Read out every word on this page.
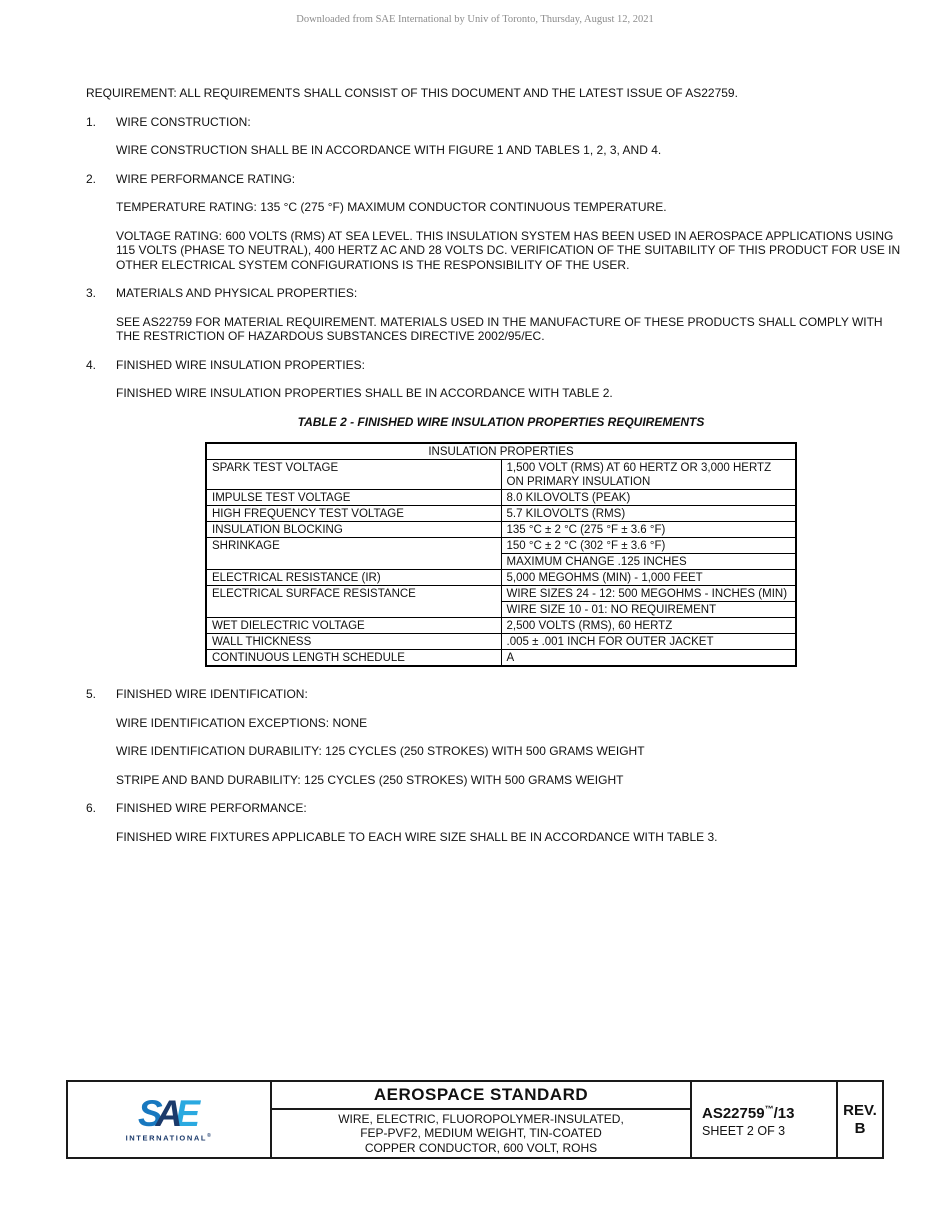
Downloaded from SAE International by Univ of Toronto, Thursday, August 12, 2021

REQUIREMENT: ALL REQUIREMENTS SHALL CONSIST OF THIS DOCUMENT AND THE LATEST ISSUE OF AS22759.

1.	WIRE CONSTRUCTION:

WIRE CONSTRUCTION SHALL BE IN ACCORDANCE WITH FIGURE 1 AND TABLES 1, 2, 3, AND 4.

2.	WIRE PERFORMANCE RATING:

TEMPERATURE RATING: 135 °C (275 °F) MAXIMUM CONDUCTOR CONTINUOUS TEMPERATURE.

VOLTAGE RATING: 600 VOLTS (RMS) AT SEA LEVEL. THIS INSULATION SYSTEM HAS BEEN USED IN AEROSPACE APPLICATIONS USING 115 VOLTS (PHASE TO NEUTRAL), 400 HERTZ AC AND 28 VOLTS DC. VERIFICATION OF THE SUITABILITY OF THIS PRODUCT FOR USE IN OTHER ELECTRICAL SYSTEM CONFIGURATIONS IS THE RESPONSIBILITY OF THE USER.

3.	MATERIALS AND PHYSICAL PROPERTIES:

SEE AS22759 FOR MATERIAL REQUIREMENT. MATERIALS USED IN THE MANUFACTURE OF THESE PRODUCTS SHALL COMPLY WITH THE RESTRICTION OF HAZARDOUS SUBSTANCES DIRECTIVE 2002/95/EC.

4.	FINISHED WIRE INSULATION PROPERTIES:

FINISHED WIRE INSULATION PROPERTIES SHALL BE IN ACCORDANCE WITH TABLE 2.

TABLE 2 - FINISHED WIRE INSULATION PROPERTIES REQUIREMENTS
INSULATION PROPERTIES	
SPARK TEST VOLTAGE	1,500 VOLT (RMS) AT 60 HERTZ OR 3,000 HERTZ ON PRIMARY INSULATION
IMPULSE TEST VOLTAGE	8.0 KILOVOLTS (PEAK)
HIGH FREQUENCY TEST VOLTAGE	5.7 KILOVOLTS (RMS)
INSULATION BLOCKING	135 °C ± 2 °C (275 °F ± 3.6 °F)
SHRINKAGE	150 °C ± 2 °C (302 °F ± 3.6 °F)
	MAXIMUM CHANGE .125 INCHES
ELECTRICAL RESISTANCE (IR)	5,000 MEGOHMS (MIN) - 1,000 FEET
ELECTRICAL SURFACE RESISTANCE	WIRE SIZES 24 - 12: 500 MEGOHMS - INCHES (MIN)
	WIRE SIZE 10 - 01: NO REQUIREMENT
WET DIELECTRIC VOLTAGE	2,500 VOLTS (RMS), 60 HERTZ
WALL THICKNESS	.005 ± .001 INCH FOR OUTER JACKET
CONTINUOUS LENGTH SCHEDULE	A
5.	FINISHED WIRE IDENTIFICATION:

WIRE IDENTIFICATION EXCEPTIONS: NONE

WIRE IDENTIFICATION DURABILITY: 125 CYCLES (250 STROKES) WITH 500 GRAMS WEIGHT

STRIPE AND BAND DURABILITY: 125 CYCLES (250 STROKES) WITH 500 GRAMS WEIGHT

6.	FINISHED WIRE PERFORMANCE:

FINISHED WIRE FIXTURES APPLICABLE TO EACH WIRE SIZE SHALL BE IN ACCORDANCE WITH TABLE 3.

SAE
INTERNATIONAL®
AEROSPACE STANDARD
WIRE, ELECTRIC, FLUOROPOLYMER-INSULATED,
FEP-PVF2, MEDIUM WEIGHT, TIN-COATED
COPPER CONDUCTOR, 600 VOLT, ROHS
AS22759™/13
SHEET 2 OF 3
REV.
B
